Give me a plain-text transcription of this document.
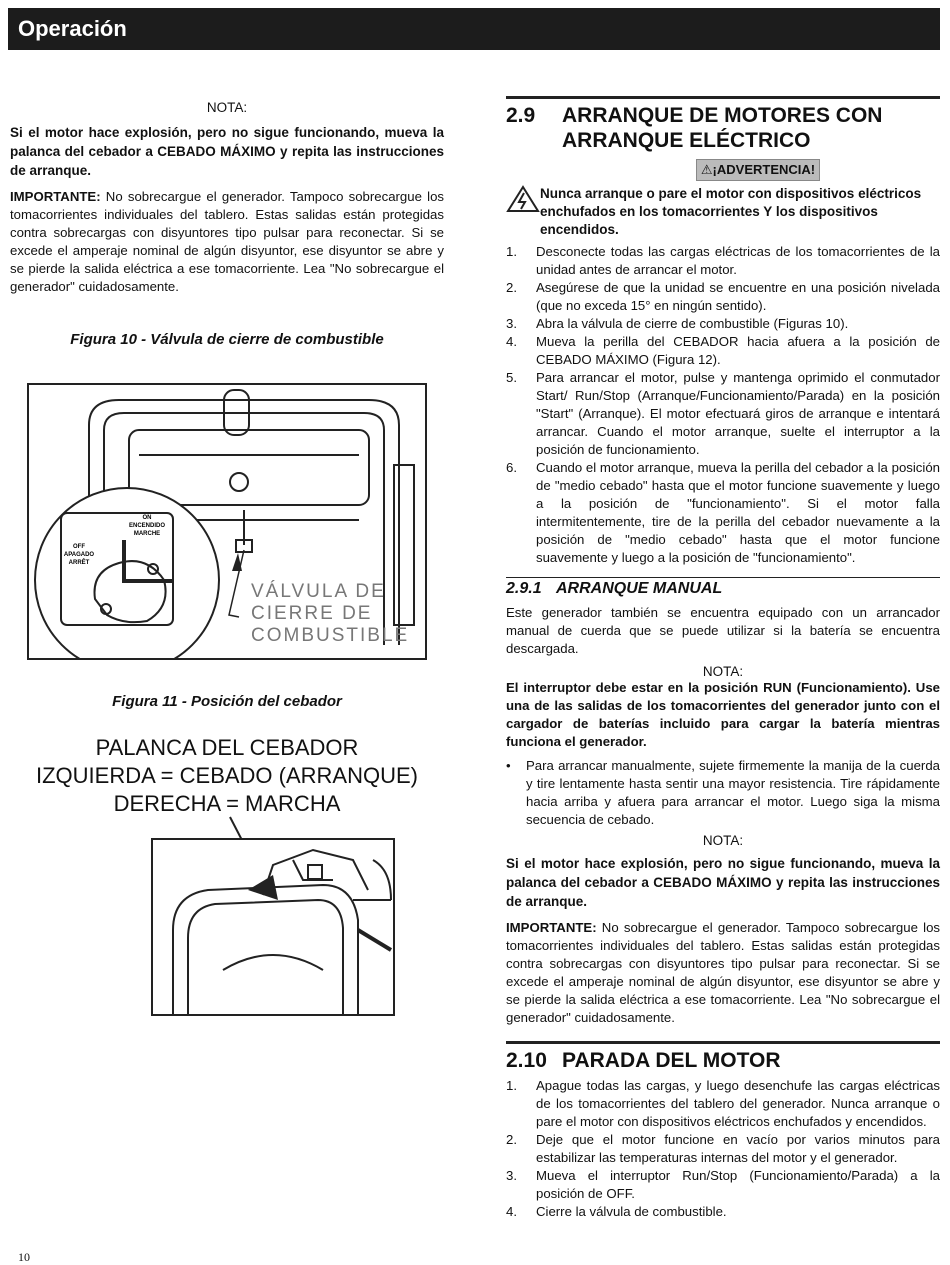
Operación
NOTA:

Si el motor hace explosión, pero no sigue funcionando, mueva la palanca del cebador a CEBADO MÁXIMO y repita las instrucciones de arranque.

IMPORTANTE: No sobrecargue el generador. Tampoco sobrecargue los tomacorrientes individuales del tablero. Estas salidas están protegidas contra sobrecargas con disyuntores tipo pulsar para reconectar. Si se excede el amperaje nominal de algún disyuntor, ese disyuntor se abre y se pierde la salida eléctrica a ese tomacorriente. Lea "No sobrecargue el generador" cuidadosamente.

Figura 10 - Válvula de cierre de combustible
ON
ENCENDIDO
MARCHE
OFF
APAGADO
ARRÊT
VÁLVULA DE
CIERRE DE
COMBUSTIBLE
Figura 11 - Posición del cebador
PALANCA DEL CEBADOR
IZQUIERDA = CEBADO (ARRANQUE)
DERECHA = MARCHA
2.9	ARRANQUE DE MOTORES CON ARRANQUE ELÉCTRICO
⚠¡ADVERTENCIA!

Nunca arranque o pare el motor con dispositivos eléctricos enchufados en los tomacorrientes Y los dispositivos encendidos.

1. Desconecte todas las cargas eléctricas de los tomacorrientes de la unidad antes de arrancar el motor.
2. Asegúrese de que la unidad se encuentre en una posición nivelada (que no exceda 15° en ningún sentido).
3. Abra la válvula de cierre de combustible (Figuras 10).
4. Mueva la perilla del CEBADOR hacia afuera a la posición de CEBADO MÁXIMO (Figura 12).
5. Para arrancar el motor, pulse y mantenga oprimido el conmutador Start/ Run/Stop (Arranque/Funcionamiento/Parada) en la posición "Start" (Arranque). El motor efectuará giros de arranque e intentará arrancar. Cuando el motor arranque, suelte el interruptor a la posición de funcionamiento.
6. Cuando el motor arranque, mueva la perilla del cebador a la posición de "medio cebado" hasta que el motor funcione suavemente y luego a la posición de "funcionamiento". Si el motor falla intermitentemente, tire de la perilla del cebador nuevamente a la posición de "medio cebado" hasta que el motor funcione suavemente y luego a la posición de "funcionamiento".
2.9.1 ARRANQUE MANUAL

Este generador también se encuentra equipado con un arrancador manual de cuerda que se puede utilizar si la batería se encuentra descargada.

NOTA:

El interruptor debe estar en la posición RUN (Funcionamiento). Use una de las salidas de los tomacorrientes del generador junto con el cargador de baterías incluido para cargar la batería mientras funciona el generador.

• Para arrancar manualmente, sujete firmemente la manija de la cuerda y tire lentamente hasta sentir una mayor resistencia. Tire rápidamente hacia arriba y afuera para arrancar el motor. Luego siga la misma secuencia de cebado.
NOTA:

Si el motor hace explosión, pero no sigue funcionando, mueva la palanca del cebador a CEBADO MÁXIMO y repita las instrucciones de arranque.

IMPORTANTE: No sobrecargue el generador. Tampoco sobrecargue los tomacorrientes individuales del tablero. Estas salidas están protegidas contra sobrecargas con disyuntores tipo pulsar para reconectar. Si se excede el amperaje nominal de algún disyuntor, ese disyuntor se abre y se pierde la salida eléctrica a ese tomacorriente. Lea "No sobrecargue el generador" cuidadosamente.

2.10 PARADA DEL MOTOR
1. Apague todas las cargas, y luego desenchufe las cargas eléctricas de los tomacorrientes del tablero del generador. Nunca arranque o pare el motor con dispositivos eléctricos enchufados y encendidos.
2. Deje que el motor funcione en vacío por varios minutos para estabilizar las temperaturas internas del motor y el generador.
3. Mueva el interruptor Run/Stop (Funcionamiento/Parada) a la posición de OFF.
4. Cierre la válvula de combustible.
10
